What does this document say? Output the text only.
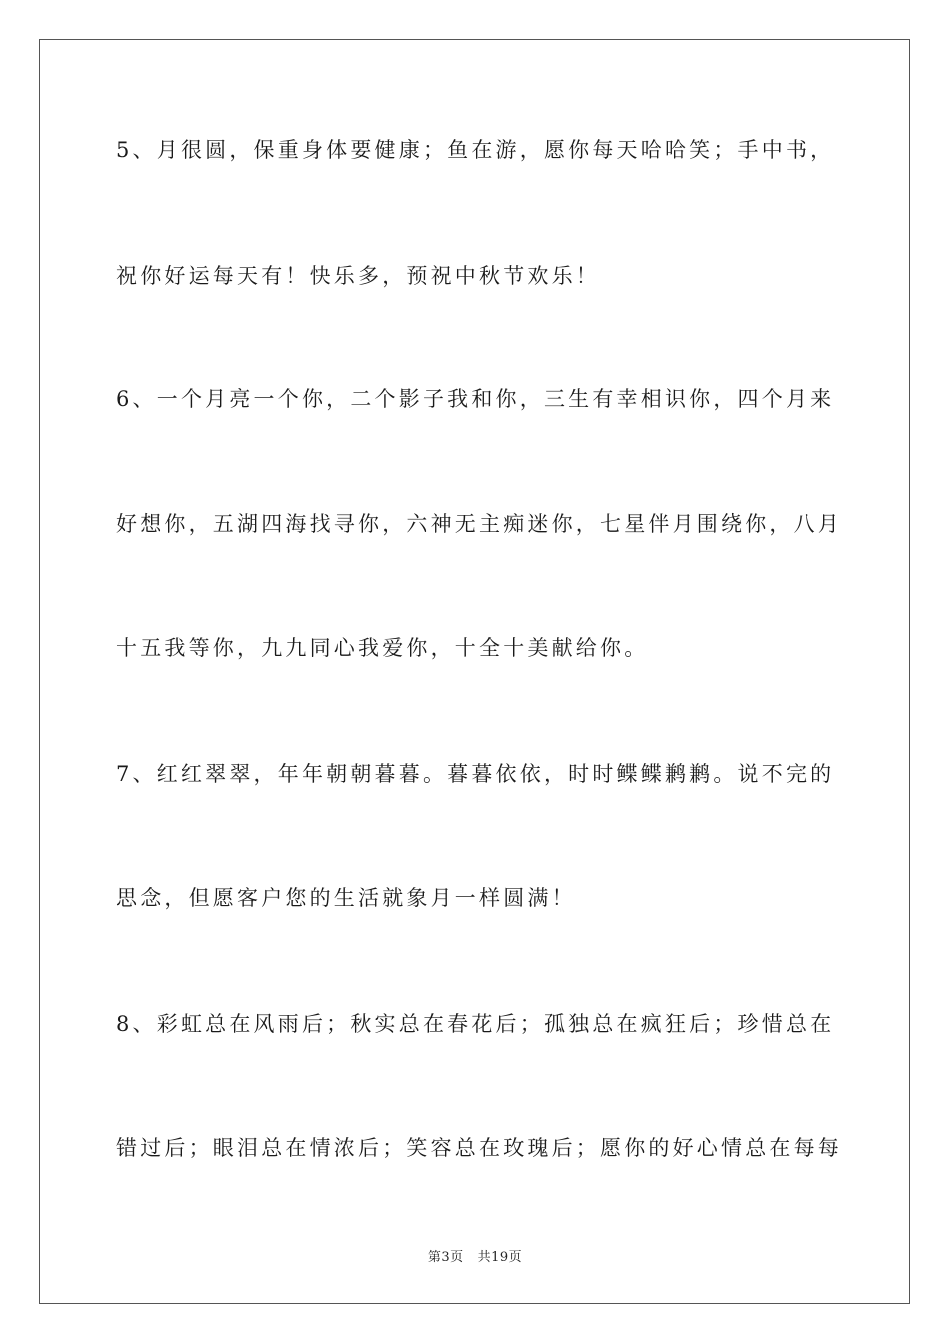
5、月很圆，保重身体要健康；鱼在游，愿你每天哈哈笑；手中书，
祝你好运每天有！快乐多，预祝中秋节欢乐！
6、一个月亮一个你，二个影子我和你，三生有幸相识你，四个月来
好想你，五湖四海找寻你，六神无主痴迷你，七星伴月围绕你，八月
十五我等你，九九同心我爱你，十全十美献给你。
7、红红翠翠，年年朝朝暮暮。暮暮依依，时时鲽鲽鹣鹣。说不完的
思念，但愿客户您的生活就象月一样圆满！
8、彩虹总在风雨后；秋实总在春花后；孤独总在疯狂后；珍惜总在
错过后；眼泪总在情浓后；笑容总在玫瑰后；愿你的好心情总在每每
第3页 共19页
